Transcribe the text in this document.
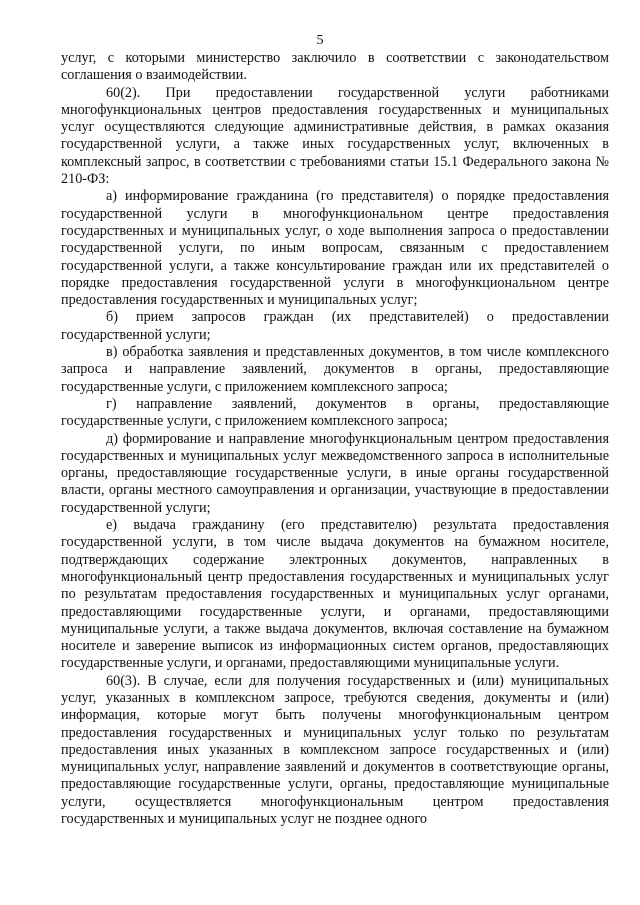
5

услуг, с которыми министерство заключило в соответствии с законодательством соглашения о взаимодействии.

60(2). При предоставлении государственной услуги работниками многофункциональных центров предоставления государственных и муниципальных услуг осуществляются следующие административные действия, в рамках оказания государственной услуги, а также иных государственных услуг, включенных в комплексный запрос, в соответствии с требованиями статьи 15.1 Федерального закона № 210-ФЗ:

а) информирование гражданина (го представителя) о порядке предоставления государственной услуги в многофункциональном центре предоставления государственных и муниципальных услуг, о ходе выполнения запроса о предоставлении государственной услуги, по иным вопросам, связанным с предоставлением государственной услуги, а также консультирование граждан или их представителей о порядке предоставления государственной услуги в многофункциональном центре предоставления государственных и муниципальных услуг;

б) прием запросов граждан (их представителей) о предоставлении государственной услуги;

в) обработка заявления и представленных документов, в том числе комплексного запроса и направление заявлений, документов в органы, предоставляющие государственные услуги, с приложением комплексного запроса;

г) направление заявлений, документов в органы, предоставляющие государственные услуги, с приложением комплексного запроса;

д) формирование и направление многофункциональным центром предоставления государственных и муниципальных услуг межведомственного запроса в исполнительные органы, предоставляющие государственные услуги, в иные органы государственной власти, органы местного самоуправления и организации, участвующие в предоставлении государственной услуги;

е) выдача гражданину (его представителю) результата предоставления государственной услуги, в том числе выдача документов на бумажном носителе, подтверждающих содержание электронных документов, направленных в многофункциональный центр предоставления государственных и муниципальных услуг по результатам предоставления государственных и муниципальных услуг органами, предоставляющими государственные услуги, и органами, предоставляющими муниципальные услуги, а также выдача документов, включая составление на бумажном носителе и заверение выписок из информационных систем органов, предоставляющих государственные услуги, и органами, предоставляющими муниципальные услуги.

60(3). В случае, если для получения государственных и (или) муниципальных услуг, указанных в комплексном запросе, требуются сведения, документы и (или) информация, которые могут быть получены многофункциональным центром предоставления государственных и муниципальных услуг только по результатам предоставления иных указанных в комплексном запросе государственных и (или) муниципальных услуг, направление заявлений и документов в соответствующие органы, предоставляющие государственные услуги, органы, предоставляющие муниципальные услуги, осуществляется многофункциональным центром предоставления государственных и муниципальных услуг не позднее одного
